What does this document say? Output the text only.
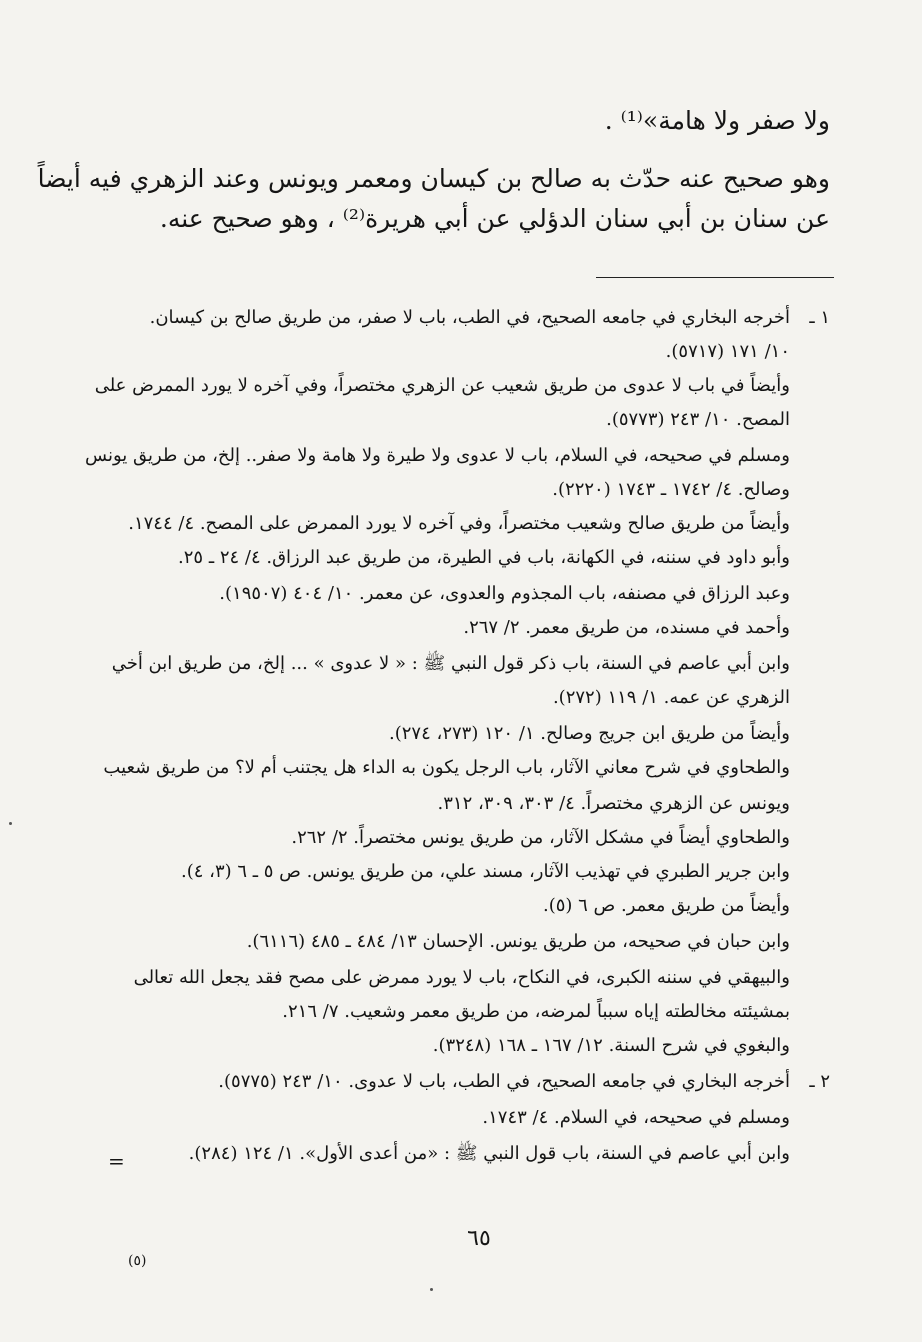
ولا صفر ولا هامة»⁽¹⁾ .
وهو صحيح عنه حدّث به صالح بن كيسان ومعمر ويونس وعند الزهري فيه أيضاً
عن سنان بن أبي سنان الدؤلي عن أبي هريرة⁽²⁾ ، وهو صحيح عنه.
١ ـ
أخرجه البخاري في جامعه الصحيح، في الطب، باب لا صفر، من طريق صالح بن كيسان.
١٠/ ١٧١ (٥٧١٧).
وأيضاً في باب لا عدوى من طريق شعيب عن الزهري مختصراً، وفي آخره لا يورد الممرض على
المصح. ١٠/ ٢٤٣ (٥٧٧٣).
ومسلم في صحيحه، في السلام، باب لا عدوى ولا طيرة ولا هامة ولا صفر.. إلخ، من طريق يونس
وصالح. ٤/ ١٧٤٢ ـ ١٧٤٣ (٢٢٢٠).
وأيضاً من طريق صالح وشعيب مختصراً، وفي آخره لا يورد الممرض على المصح. ٤/ ١٧٤٤.
وأبو داود في سننه، في الكهانة، باب في الطيرة، من طريق عبد الرزاق. ٤/ ٢٤ ـ ٢٥.
وعبد الرزاق في مصنفه، باب المجذوم والعدوى، عن معمر. ١٠/ ٤٠٤ (١٩٥٠٧).
وأحمد في مسنده، من طريق معمر. ٢/ ٢٦٧.
وابن أبي عاصم في السنة، باب ذكر قول النبي ﷺ : « لا عدوى » ... إلخ، من طريق ابن أخي
الزهري عن عمه. ١/ ١١٩ (٢٧٢).
وأيضاً من طريق ابن جريج وصالح. ١/ ١٢٠ (٢٧٣، ٢٧٤).
والطحاوي في شرح معاني الآثار، باب الرجل يكون به الداء هل يجتنب أم لا؟ من طريق شعيب
ويونس عن الزهري مختصراً. ٤/ ٣٠٣، ٣٠٩، ٣١٢.
والطحاوي أيضاً في مشكل الآثار، من طريق يونس مختصراً. ٢/ ٢٦٢.
وابن جرير الطبري في تهذيب الآثار، مسند علي، من طريق يونس. ص ٥ ـ ٦ (٣، ٤).
وأيضاً من طريق معمر. ص ٦ (٥).
وابن حبان في صحيحه، من طريق يونس. الإحسان ١٣/ ٤٨٤ ـ ٤٨٥ (٦١١٦).
والبيهقي في سننه الكبرى، في النكاح، باب لا يورد ممرض على مصح فقد يجعل الله تعالى
بمشيئته مخالطته إياه سبباً لمرضه، من طريق معمر وشعيب. ٧/ ٢١٦.
والبغوي في شرح السنة. ١٢/ ١٦٧ ـ ١٦٨ (٣٢٤٨).
٢ ـ
أخرجه البخاري في جامعه الصحيح، في الطب، باب لا عدوى. ١٠/ ٢٤٣ (٥٧٧٥).
ومسلم في صحيحه، في السلام. ٤/ ١٧٤٣.
وابن أبي عاصم في السنة، باب قول النبي ﷺ : «من أعدى الأول». ١/ ١٢٤ (٢٨٤).
=
٦٥
(٥)
